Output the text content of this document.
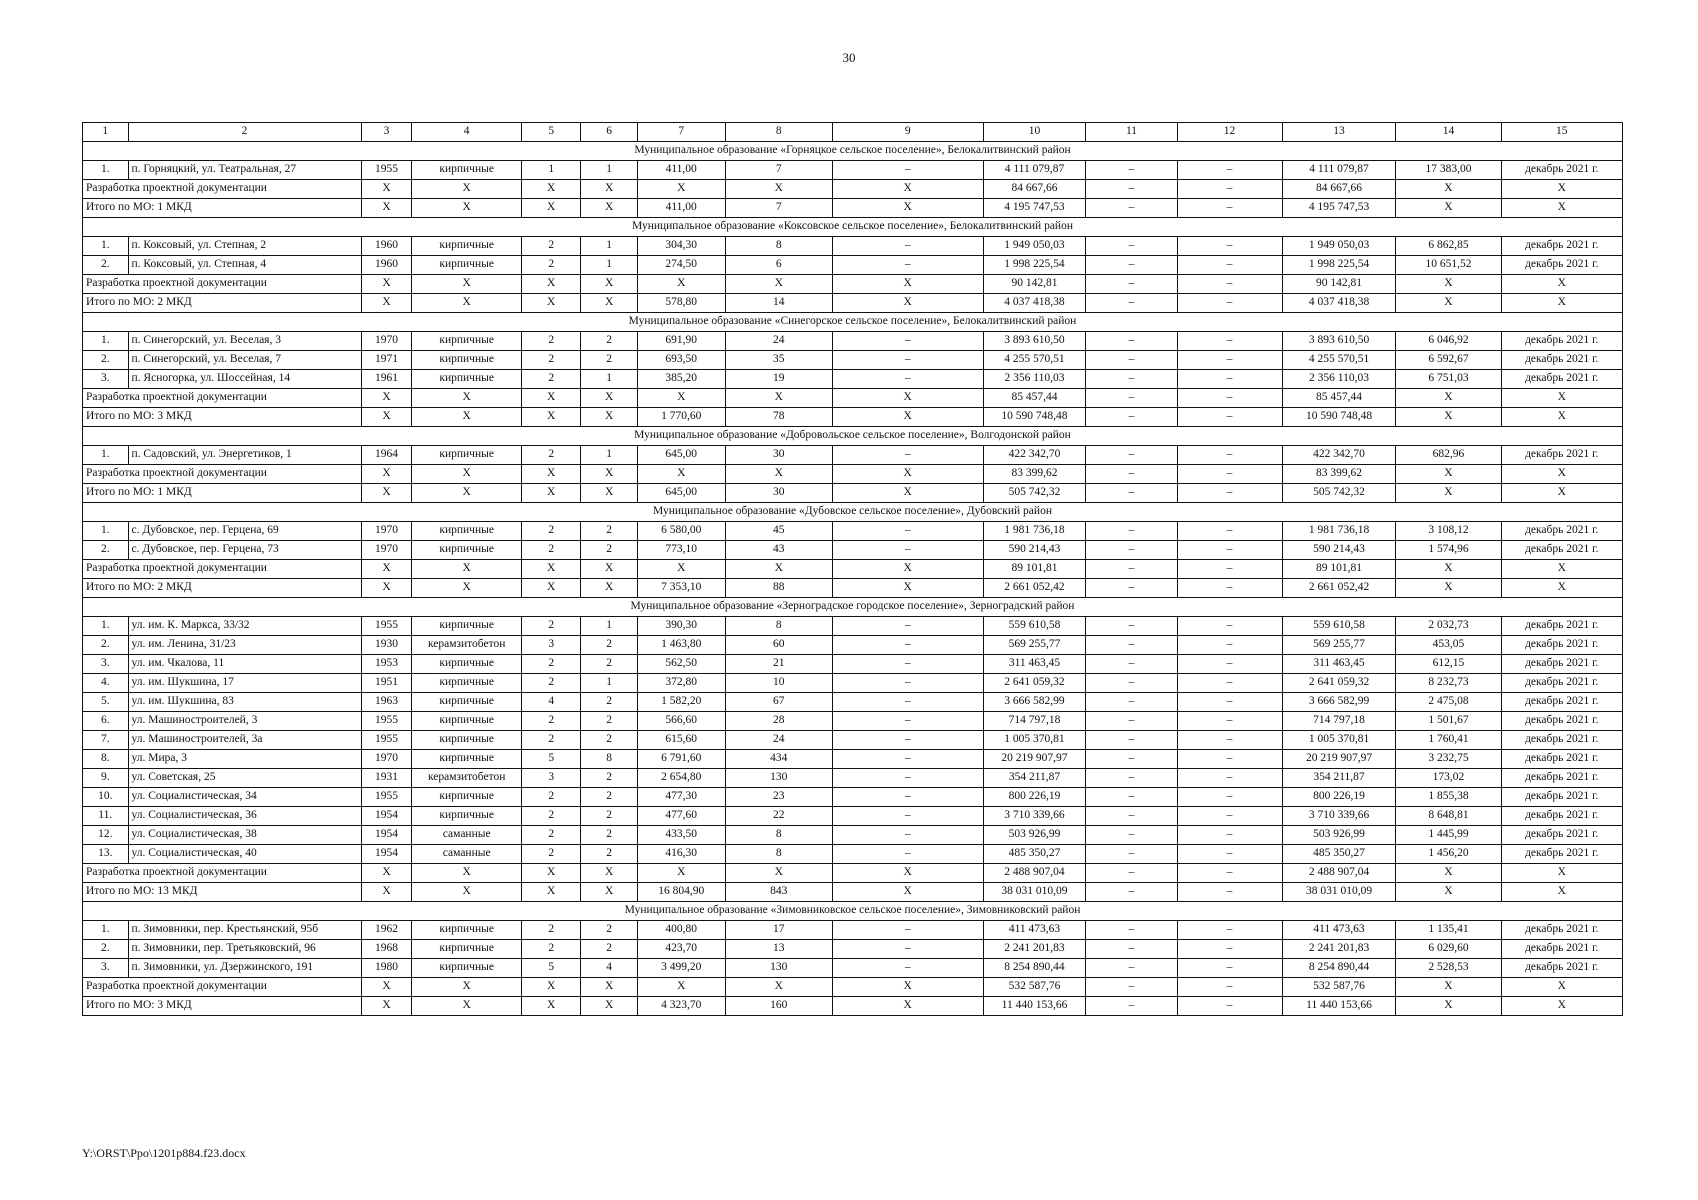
30
1	2	3	4	5	6	7	8	9	10	11	12	13	14	15
Муниципальное образование «Горняцкое сельское поселение», Белокалитвинский район														
1.	п. Горняцкий, ул. Театральная, 27	1955	кирпичные	1	1	411,00	7	–	4 111 079,87	–	–	4 111 079,87	17 383,00	декабрь 2021 г.
Разработка проектной документации		X	X	X	X	X	X	X	84 667,66	–	–	84 667,66	X	X
Итого по МО: 1 МКД		X	X	X	X	411,00	7	X	4 195 747,53	–	–	4 195 747,53	X	X
Муниципальное образование «Коксовское сельское поселение», Белокалитвинский район														
1.	п. Коксовый, ул. Степная, 2	1960	кирпичные	2	1	304,30	8	–	1 949 050,03	–	–	1 949 050,03	6 862,85	декабрь 2021 г.
2.	п. Коксовый, ул. Степная, 4	1960	кирпичные	2	1	274,50	6	–	1 998 225,54	–	–	1 998 225,54	10 651,52	декабрь 2021 г.
Разработка проектной документации		X	X	X	X	X	X	X	90 142,81	–	–	90 142,81	X	X
Итого по МО: 2 МКД		X	X	X	X	578,80	14	X	4 037 418,38	–	–	4 037 418,38	X	X
Муниципальное образование «Синегорское сельское поселение», Белокалитвинский район														
1.	п. Синегорский, ул. Веселая, 3	1970	кирпичные	2	2	691,90	24	–	3 893 610,50	–	–	3 893 610,50	6 046,92	декабрь 2021 г.
2.	п. Синегорский, ул. Веселая, 7	1971	кирпичные	2	2	693,50	35	–	4 255 570,51	–	–	4 255 570,51	6 592,67	декабрь 2021 г.
3.	п. Ясногорка, ул. Шоссейная, 14	1961	кирпичные	2	1	385,20	19	–	2 356 110,03	–	–	2 356 110,03	6 751,03	декабрь 2021 г.
Разработка проектной документации		X	X	X	X	X	X	X	85 457,44	–	–	85 457,44	X	X
Итого по МО: 3 МКД		X	X	X	X	1 770,60	78	X	10 590 748,48	–	–	10 590 748,48	X	X
Муниципальное образование «Добровольское сельское поселение», Волгодонской район														
1.	п. Садовский, ул. Энергетиков, 1	1964	кирпичные	2	1	645,00	30	–	422 342,70	–	–	422 342,70	682,96	декабрь 2021 г.
Разработка проектной документации		X	X	X	X	X	X	X	83 399,62	–	–	83 399,62	X	X
Итого по МО: 1 МКД		X	X	X	X	645,00	30	X	505 742,32	–	–	505 742,32	X	X
Муниципальное образование «Дубовское сельское поселение», Дубовский район														
1.	с. Дубовское, пер. Герцена, 69	1970	кирпичные	2	2	6 580,00	45	–	1 981 736,18	–	–	1 981 736,18	3 108,12	декабрь 2021 г.
2.	с. Дубовское, пер. Герцена, 73	1970	кирпичные	2	2	773,10	43	–	590 214,43	–	–	590 214,43	1 574,96	декабрь 2021 г.
Разработка проектной документации		X	X	X	X	X	X	X	89 101,81	–	–	89 101,81	X	X
Итого по МО: 2 МКД		X	X	X	X	7 353,10	88	X	2 661 052,42	–	–	2 661 052,42	X	X
Муниципальное образование «Зерноградское городское поселение», Зерноградский район														
1.	ул. им. К. Маркса, 33/32	1955	кирпичные	2	1	390,30	8	–	559 610,58	–	–	559 610,58	2 032,73	декабрь 2021 г.
2.	ул. им. Ленина, 31/23	1930	керамзитобетон	3	2	1 463,80	60	–	569 255,77	–	–	569 255,77	453,05	декабрь 2021 г.
3.	ул. им. Чкалова, 11	1953	кирпичные	2	2	562,50	21	–	311 463,45	–	–	311 463,45	612,15	декабрь 2021 г.
4.	ул. им. Шукшина, 17	1951	кирпичные	2	1	372,80	10	–	2 641 059,32	–	–	2 641 059,32	8 232,73	декабрь 2021 г.
5.	ул. им. Шукшина, 83	1963	кирпичные	4	2	1 582,20	67	–	3 666 582,99	–	–	3 666 582,99	2 475,08	декабрь 2021 г.
6.	ул. Машиностроителей, 3	1955	кирпичные	2	2	566,60	28	–	714 797,18	–	–	714 797,18	1 501,67	декабрь 2021 г.
7.	ул. Машиностроителей, 3а	1955	кирпичные	2	2	615,60	24	–	1 005 370,81	–	–	1 005 370,81	1 760,41	декабрь 2021 г.
8.	ул. Мира, 3	1970	кирпичные	5	8	6 791,60	434	–	20 219 907,97	–	–	20 219 907,97	3 232,75	декабрь 2021 г.
9.	ул. Советская, 25	1931	керамзитобетон	3	2	2 654,80	130	–	354 211,87	–	–	354 211,87	173,02	декабрь 2021 г.
10.	ул. Социалистическая, 34	1955	кирпичные	2	2	477,30	23	–	800 226,19	–	–	800 226,19	1 855,38	декабрь 2021 г.
11.	ул. Социалистическая, 36	1954	кирпичные	2	2	477,60	22	–	3 710 339,66	–	–	3 710 339,66	8 648,81	декабрь 2021 г.
12.	ул. Социалистическая, 38	1954	саманные	2	2	433,50	8	–	503 926,99	–	–	503 926,99	1 445,99	декабрь 2021 г.
13.	ул. Социалистическая, 40	1954	саманные	2	2	416,30	8	–	485 350,27	–	–	485 350,27	1 456,20	декабрь 2021 г.
Разработка проектной документации		X	X	X	X	X	X	X	2 488 907,04	–	–	2 488 907,04	X	X
Итого по МО: 13 МКД		X	X	X	X	16 804,90	843	X	38 031 010,09	–	–	38 031 010,09	X	X
Муниципальное образование «Зимовниковское сельское поселение», Зимовниковский район														
1.	п. Зимовники, пер. Крестьянский, 95б	1962	кирпичные	2	2	400,80	17	–	411 473,63	–	–	411 473,63	1 135,41	декабрь 2021 г.
2.	п. Зимовники, пер. Третьяковский, 96	1968	кирпичные	2	2	423,70	13	–	2 241 201,83	–	–	2 241 201,83	6 029,60	декабрь 2021 г.
3.	п. Зимовники, ул. Дзержинского, 191	1980	кирпичные	5	4	3 499,20	130	–	8 254 890,44	–	–	8 254 890,44	2 528,53	декабрь 2021 г.
Разработка проектной документации		X	X	X	X	X	X	X	532 587,76	–	–	532 587,76	X	X
Итого по МО: 3 МКД		X	X	X	X	4 323,70	160	X	11 440 153,66	–	–	11 440 153,66	X	X
Y:\ORST\Ppo\1201p884.f23.docx
